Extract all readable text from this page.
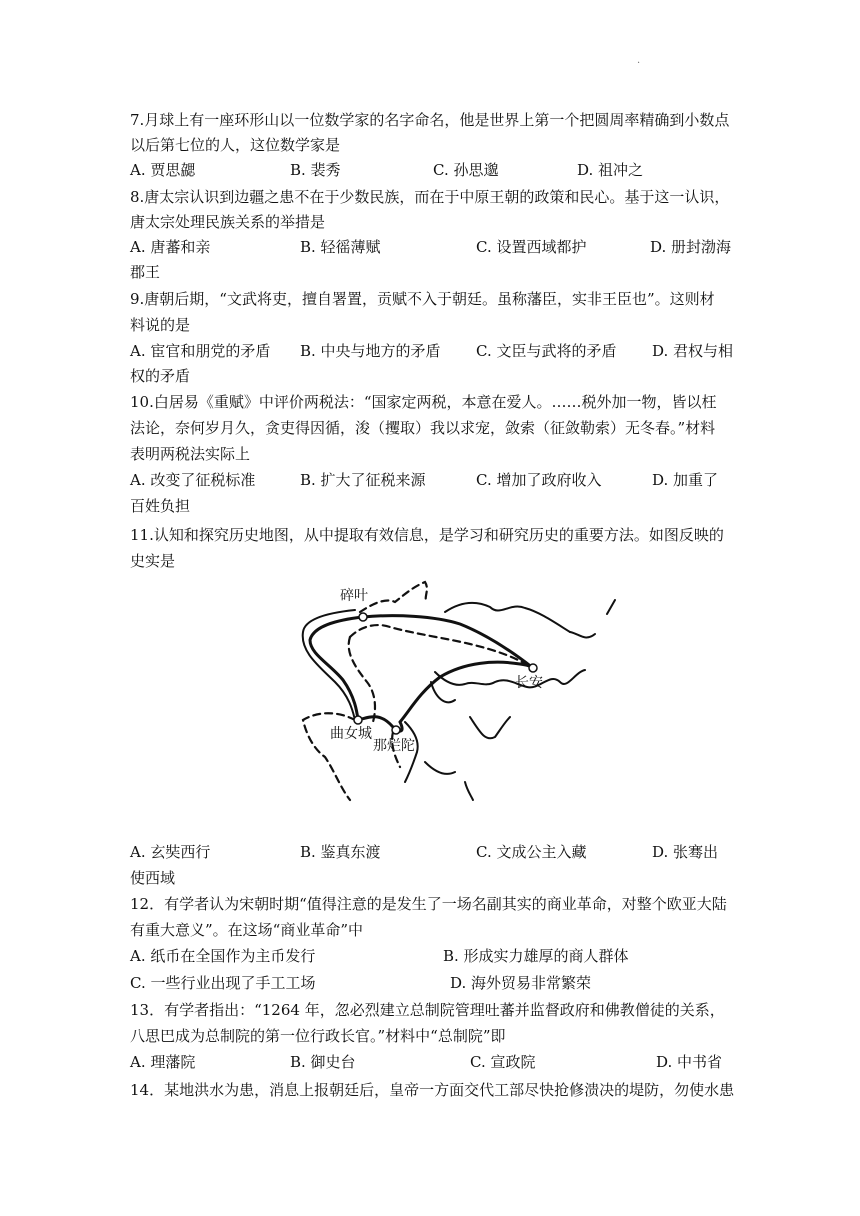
·
7.月球上有一座环形山以一位数学家的名字命名，他是世界上第一个把圆周率精确到小数点
以后第七位的人，这位数学家是
A. 贾思勰	B. 裴秀	C. 孙思邈	D. 祖冲之
8.唐太宗认识到边疆之患不在于少数民族，而在于中原王朝的政策和民心。基于这一认识，
唐太宗处理民族关系的举措是
A. 唐蕃和亲	B. 轻徭薄赋	C. 设置西域都护	D. 册封渤海
郡王
9.唐朝后期，“文武将吏，擅自署置，贡赋不入于朝廷。虽称藩臣，实非王臣也”。这则材
料说的是
A. 宦官和朋党的矛盾 B. 中央与地方的矛盾 C. 文臣与武将的矛盾 D. 君权与相
权的矛盾
10.白居易《重赋》中评价两税法：“国家定两税，本意在爱人。……税外加一物，皆以枉
法论，奈何岁月久，贪吏得因循，浚（攫取）我以求宠，敛索（征敛勒索）无冬春。”材料
表明两税法实际上
A. 改变了征税标准	B. 扩大了征税来源	C. 增加了政府收入	D. 加重了
百姓负担
11.认知和探究历史地图，从中提取有效信息，是学习和研究历史的重要方法。如图反映的
史实是
碎叶
长安
曲女城
那烂陀
A. 玄奘西行	B. 鉴真东渡	C. 文成公主入藏	D. 张骞出
使西域
12．有学者认为宋朝时期“值得注意的是发生了一场名副其实的商业革命，对整个欧亚大陆
有重大意义”。在这场“商业革命”中
A. 纸币在全国作为主币发行	B. 形成实力雄厚的商人群体
C. 一些行业出现了手工工场	D. 海外贸易非常繁荣
13．有学者指出：“1264 年，忽必烈建立总制院管理吐蕃并监督政府和佛教僧徒的关系，
八思巴成为总制院的第一位行政长官。”材料中“总制院”即
A. 理藩院	B. 御史台	C. 宣政院	D. 中书省
14．某地洪水为患，消息上报朝廷后，皇帝一方面交代工部尽快抢修溃决的堤防，勿使水患
